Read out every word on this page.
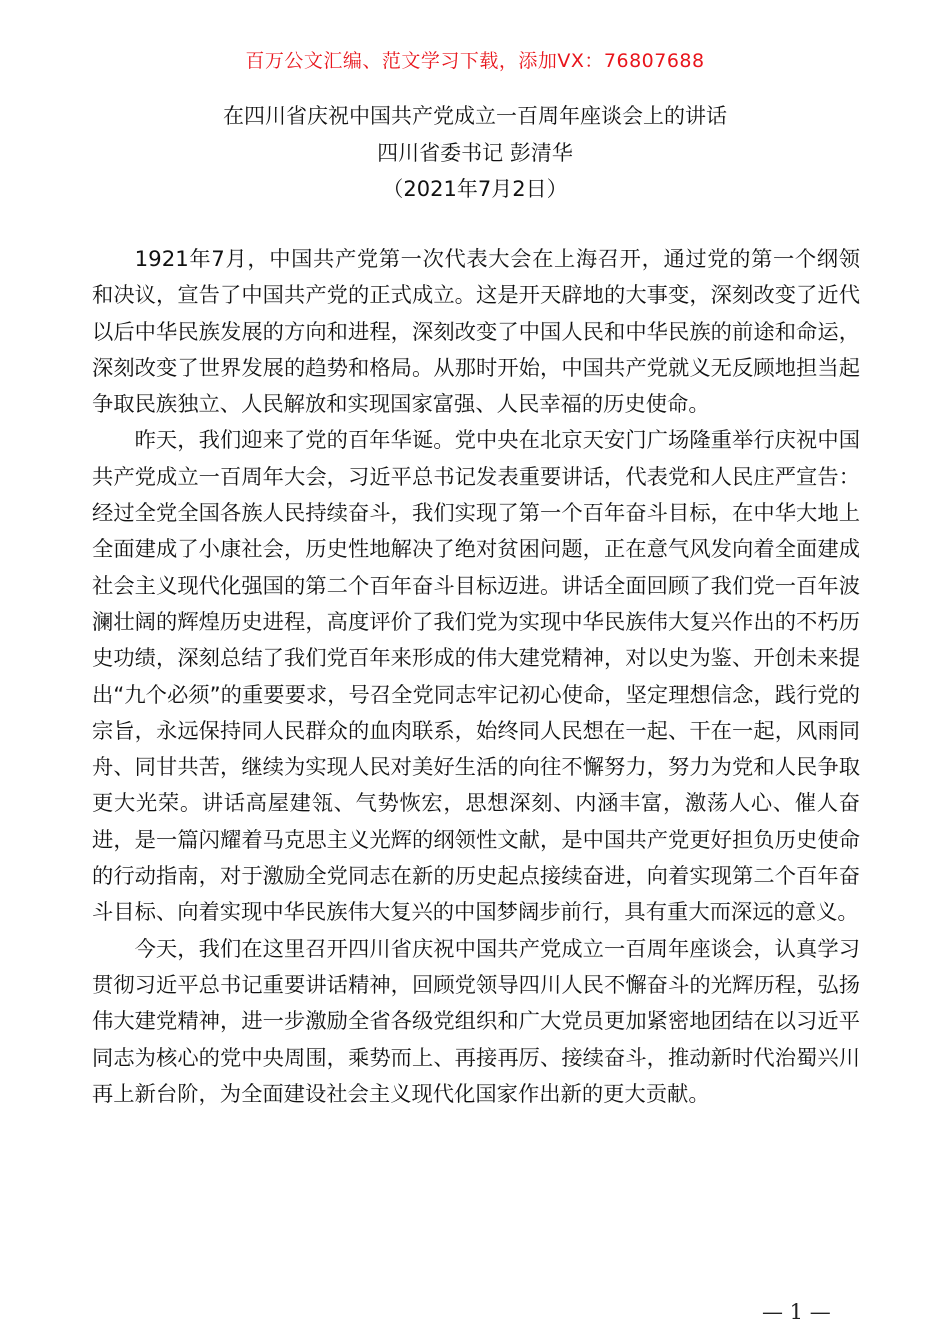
百万公文汇编、范文学习下载，添加VX：76807688
在四川省庆祝中国共产党成立一百周年座谈会上的讲话
四川省委书记 彭清华
（2021年7月2日）

1921年7月，中国共产党第一次代表大会在上海召开，通过党的第一个纲领和决议，宣告了中国共产党的正式成立。这是开天辟地的大事变，深刻改变了近代以后中华民族发展的方向和进程，深刻改变了中国人民和中华民族的前途和命运，深刻改变了世界发展的趋势和格局。从那时开始，中国共产党就义无反顾地担当起争取民族独立、人民解放和实现国家富强、人民幸福的历史使命。

昨天，我们迎来了党的百年华诞。党中央在北京天安门广场隆重举行庆祝中国共产党成立一百周年大会，习近平总书记发表重要讲话，代表党和人民庄严宣告：经过全党全国各族人民持续奋斗，我们实现了第一个百年奋斗目标，在中华大地上全面建成了小康社会，历史性地解决了绝对贫困问题，正在意气风发向着全面建成社会主义现代化强国的第二个百年奋斗目标迈进。讲话全面回顾了我们党一百年波澜壮阔的辉煌历史进程，高度评价了我们党为实现中华民族伟大复兴作出的不朽历史功绩，深刻总结了我们党百年来形成的伟大建党精神，对以史为鉴、开创未来提出“九个必须”的重要要求，号召全党同志牢记初心使命，坚定理想信念，践行党的宗旨，永远保持同人民群众的血肉联系，始终同人民想在一起、干在一起，风雨同舟、同甘共苦，继续为实现人民对美好生活的向往不懈努力，努力为党和人民争取更大光荣。讲话高屋建瓴、气势恢宏，思想深刻、内涵丰富，激荡人心、催人奋进，是一篇闪耀着马克思主义光辉的纲领性文献，是中国共产党更好担负历史使命的行动指南，对于激励全党同志在新的历史起点接续奋进，向着实现第二个百年奋斗目标、向着实现中华民族伟大复兴的中国梦阔步前行，具有重大而深远的意义。

今天，我们在这里召开四川省庆祝中国共产党成立一百周年座谈会，认真学习贯彻习近平总书记重要讲话精神，回顾党领导四川人民不懈奋斗的光辉历程，弘扬伟大建党精神，进一步激励全省各级党组织和广大党员更加紧密地团结在以习近平同志为核心的党中央周围，乘势而上、再接再厉、接续奋斗，推动新时代治蜀兴川再上新台阶，为全面建设社会主义现代化国家作出新的更大贡献。

— 1 —
